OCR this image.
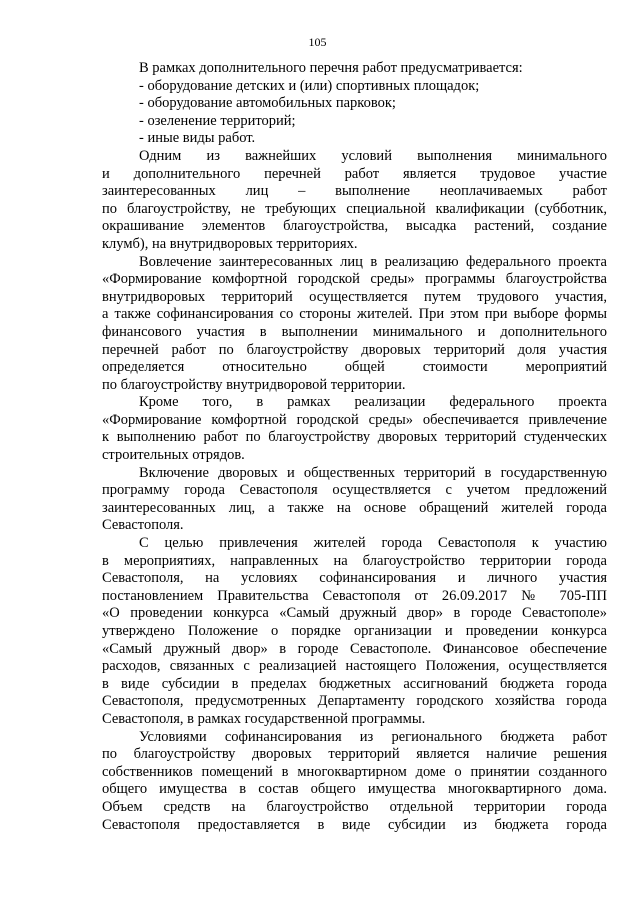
105
В рамках дополнительного перечня работ предусматривается:
- оборудование детских и (или) спортивных площадок;
- оборудование автомобильных парковок;
- озеленение территорий;
- иные виды работ.
Одним из важнейших условий выполнения минимального
и дополнительного перечней работ является трудовое участие
заинтересованных лиц – выполнение неоплачиваемых работ
по благоустройству, не требующих специальной квалификации (субботник,
окрашивание элементов благоустройства, высадка растений, создание
клумб), на внутридворовых территориях.
Вовлечение заинтересованных лиц в реализацию федерального проекта
«Формирование комфортной городской среды» программы благоустройства
внутридворовых территорий осуществляется путем трудового участия,
а также софинансирования со стороны жителей. При этом при выборе формы
финансового участия в выполнении минимального и дополнительного
перечней работ по благоустройству дворовых территорий доля участия
определяется относительно общей стоимости мероприятий
по благоустройству внутридворовой территории.
Кроме того, в рамках реализации федерального проекта
«Формирование комфортной городской среды» обеспечивается привлечение
к выполнению работ по благоустройству дворовых территорий студенческих
строительных отрядов.
Включение дворовых и общественных территорий в государственную
программу города Севастополя осуществляется с учетом предложений
заинтересованных лиц, а также на основе обращений жителей города
Севастополя.
С целью привлечения жителей города Севастополя к участию
в мероприятиях, направленных на благоустройство территории города
Севастополя, на условиях софинансирования и личного участия
постановлением Правительства Севастополя от 26.09.2017 № 705-ПП
«О проведении конкурса «Самый дружный двор» в городе Севастополе»
утверждено Положение о порядке организации и проведении конкурса
«Самый дружный двор» в городе Севастополе. Финансовое обеспечение
расходов, связанных с реализацией настоящего Положения, осуществляется
в виде субсидии в пределах бюджетных ассигнований бюджета города
Севастополя, предусмотренных Департаменту городского хозяйства города
Севастополя, в рамках государственной программы.
Условиями софинансирования из регионального бюджета работ
по благоустройству дворовых территорий является наличие решения
собственников помещений в многоквартирном доме о принятии созданного
общего имущества в состав общего имущества многоквартирного дома.
Объем средств на благоустройство отдельной территории города
Севастополя предоставляется в виде субсидии из бюджета города
